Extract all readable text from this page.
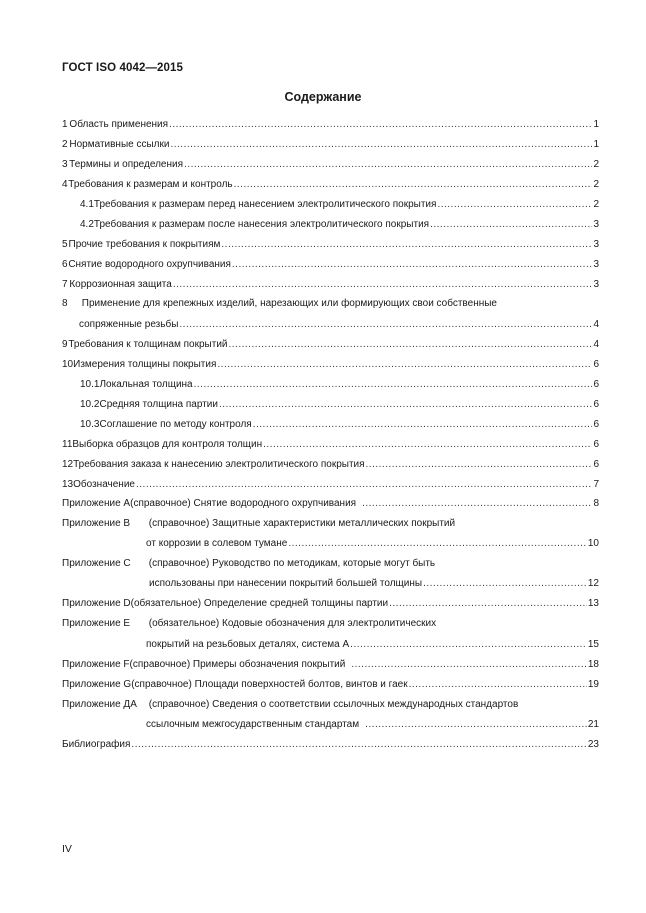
ГОСТ ISO 4042—2015
Содержание
1 Область применения .....	1
2 Нормативные ссылки .....	1
3 Термины и определения .....	2
4 Требования к размерам и контроль .....	2
4.1 Требования к размерам перед нанесением электролитического покрытия .....	2
4.2 Требования к размерам после нанесения электролитического покрытия .....	3
5 Прочие требования к покрытиям .....	3
6 Снятие водородного охрупчивания .....	3
7 Коррозионная защита .....	3
8 Применение для крепежных изделий, нарезающих или формирующих свои собственные
сопряженные резьбы .....	4
9 Требования к толщинам покрытий .....	4
10 Измерения толщины покрытия .....	6
10.1 Локальная толщина .....	6
10.2 Средняя толщина партии .....	6
10.3 Соглашение по методу контроля .....	6
11 Выборка образцов для контроля толщин .....	6
12 Требования заказа к нанесению электролитического покрытия .....	6
13 Обозначение .....	7
Приложение А (справочное) Снятие водородного охрупчивания .....	8
Приложение В (справочное) Защитные характеристики металлических покрытий
от коррозии в солевом тумане .....	10
Приложение С (справочное) Руководство по методикам, которые могут быть
использованы при нанесении покрытий большей толщины .....	12
Приложение D (обязательное) Определение средней толщины партии .....	13
Приложение Е (обязательное) Кодовые обозначения для электролитических
покрытий на резьбовых деталях, система А .....	15
Приложение F (справочное) Примеры обозначения покрытий .....	18
Приложение G (справочное) Площади поверхностей болтов, винтов и гаек .....	19
Приложение ДА (справочное) Сведения о соответствии ссылочных международных стандартов
ссылочным межгосударственным стандартам .....	21
Библиография .....	23
IV
